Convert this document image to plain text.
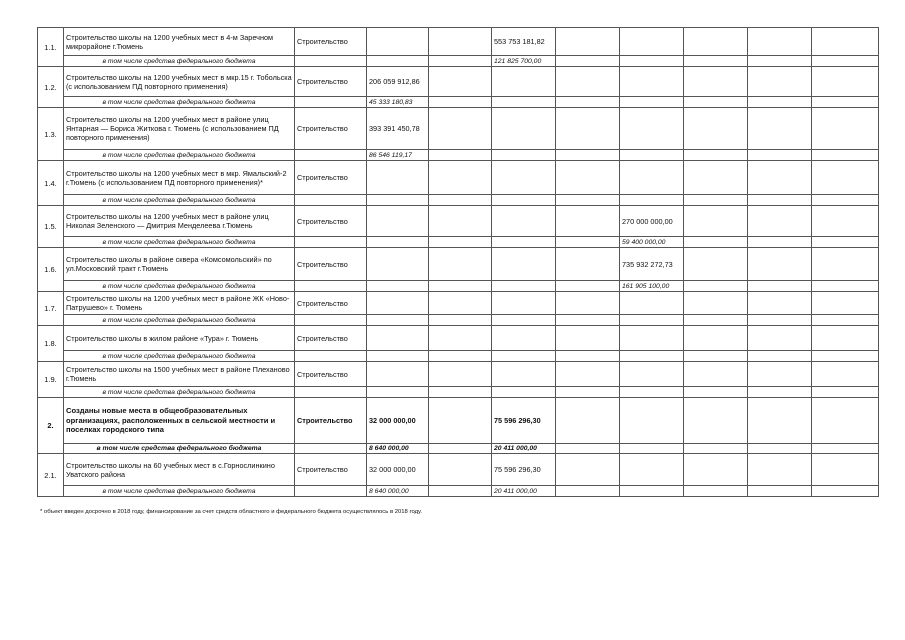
1.1.	Строительство школы на 1200 учебных мест в 4-м Заречном микрорайоне г.Тюмень	Строительство			553 753 181,82							
	в том числе средства федерального бюджета				121 825 700,00							
1.2.	Строительство школы на 1200 учебных мест в мкр.15 г. Тобольска (с использованием ПД повторного применения)	Строительство	206 059 912,86									
	в том числе средства федерального бюджета		45 333 180,83									
1.3.	Строительство школы на 1200 учебных мест в районе улиц Янтарная — Бориса Житкова г. Тюмень (с использованием ПД повторного применения)	Строительство	393 391 450,78									
	в том числе средства федерального бюджета		86 546 119,17									
1.4.	Строительство школы на 1200 учебных мест в мкр. Ямальский-2 г.Тюмень (с использованием ПД повторного применения)*	Строительство										
	в том числе средства федерального бюджета											
1.5.	Строительство школы на 1200 учебных мест в районе улиц Николая Зеленского — Дмитрия Менделеева г.Тюмень	Строительство					270 000 000,00					
	в том числе средства федерального бюджета						59 400 000,00					
1.6.	Строительство школы в районе сквера «Комсомольский» по ул.Московский тракт г.Тюмень	Строительство					735 932 272,73					
	в том числе средства федерального бюджета						161 905 100,00					
1.7.	Строительство школы на 1200 учебных мест в районе ЖК «Ново-Патрушево» г. Тюмень	Строительство										
	в том числе средства федерального бюджета											
1.8.	Строительство школы в жилом районе «Тура» г. Тюмень	Строительство										
	в том числе средства федерального бюджета											
1.9.	Строительство школы на 1500 учебных мест в районе Плеханово г.Тюмень	Строительство										
	в том числе средства федерального бюджета											
2.	Созданы новые места в общеобразовательных организациях, расположенных в сельской местности и поселках городского типа	Строительство	32 000 000,00		75 596 296,30							
	в том числе средства федерального бюджета		8 640 000,00		20 411 000,00							
2.1.	Строительство школы на 60 учебных мест в с.Горнослинкино Уватского района	Строительство	32 000 000,00		75 596 296,30							
	в том числе средства федерального бюджета		8 640 000,00		20 411 000,00							
* объект введен досрочно в 2018 году, финансирование за счет средств областного и федерального бюджета осуществлялось в 2018 году.
